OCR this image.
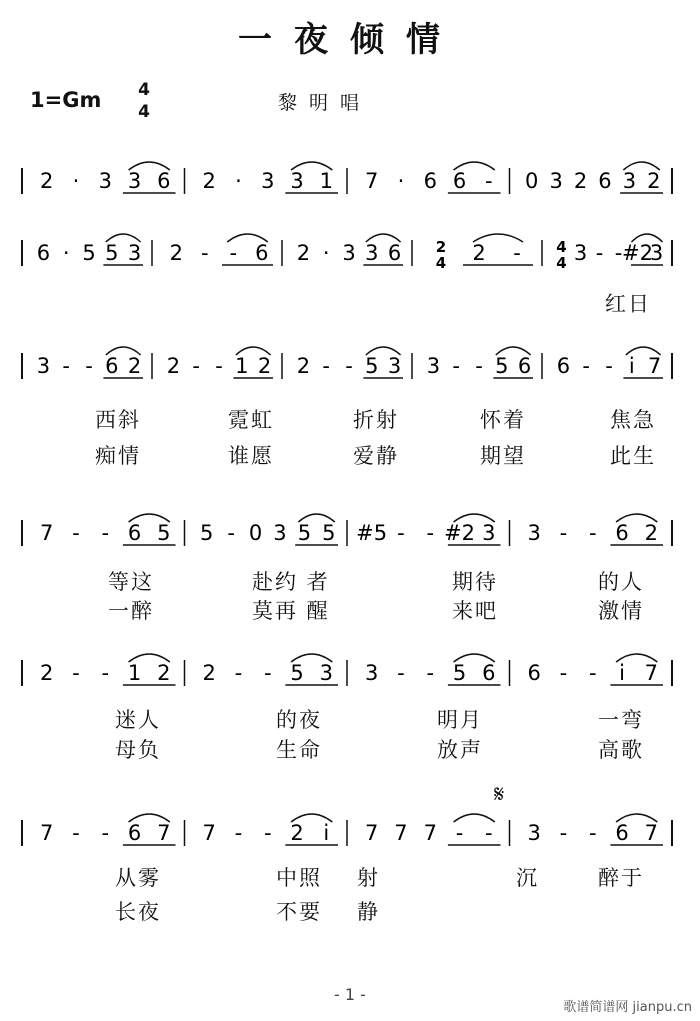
一夜倾情
1=Gm 4
4	黎明唱
2 · 3 3 6 2 · 3 3 1 7 · 6 6 - 0 3 2 6 3 2
6 · 5 5 3 2 - - 6 2 · 3 3 6 2
4 2 - 4
4 3 - - #2
3
3 - - 6 2 2 - - 1 2 2 - - 5 3 3 - - 5 6 6 - - i 7
7 - - 6 5 5 - 0 3 5 5 #5 - - #2 3 3 - - 6 2
2 - - 1 2 2 - - 5 3 3 - - 5 6 6 - - i 7
7 - - 6 7 7 - - 2 i 7 7 7 - - 3 - - 6 7
红日
西斜	霓虹	折射	怀着	焦急
痴情	谁愿	爱静	期望	此生
等这	赴约 者	期待	的人
一醉	莫再 醒	来吧	激情
迷人	的夜	明月	一弯
母负	生命	放声	高歌
从雾	中照 射	沉	醉于
长夜	不要 静
𝄋
- 1 -
歌谱简谱网 jianpu.cn
